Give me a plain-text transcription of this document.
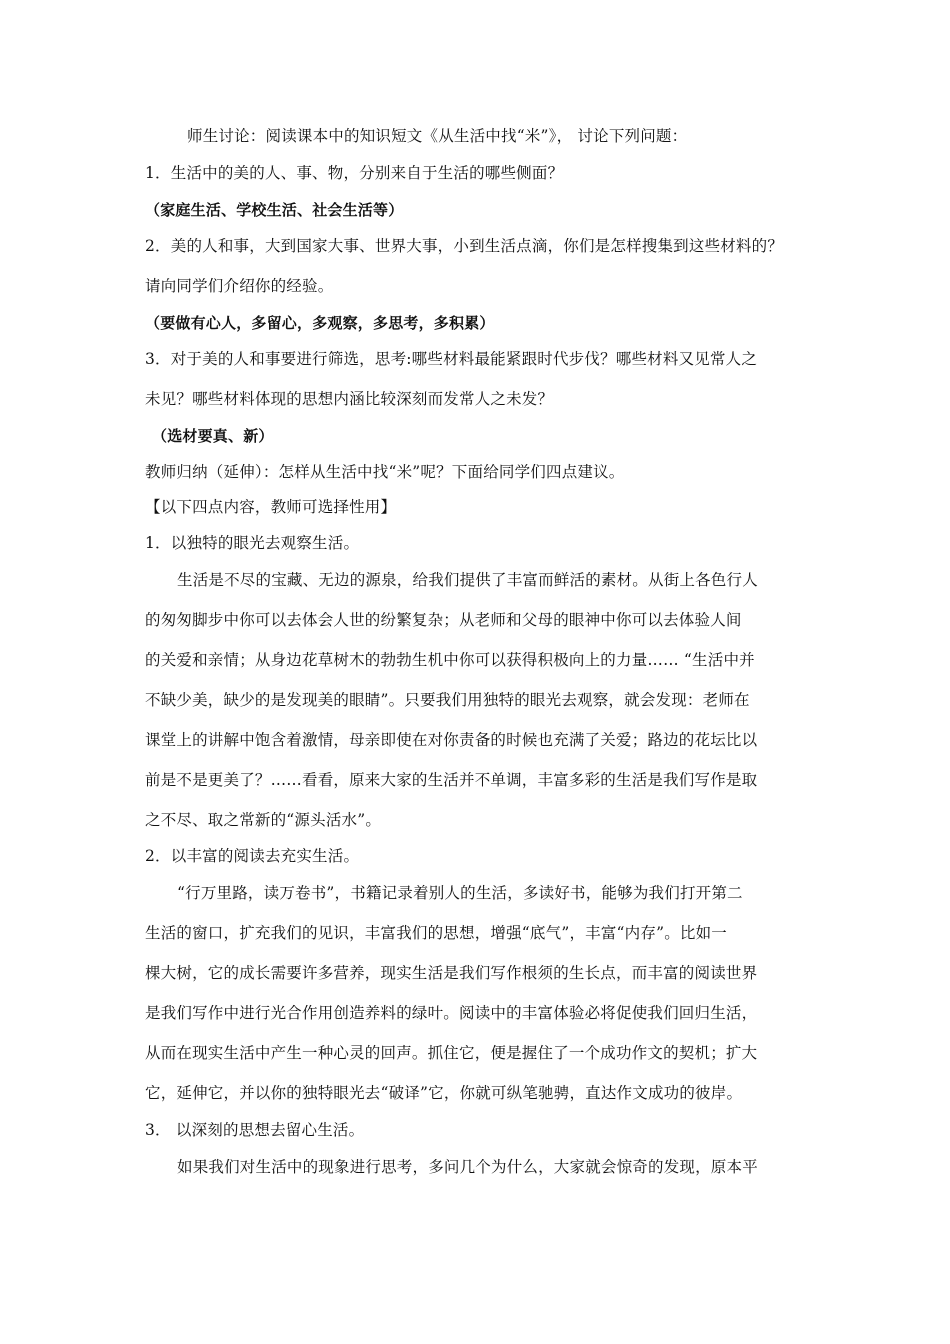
师生讨论：阅读课本中的知识短文《从生活中找“米”》， 讨论下列问题：
1．生活中的美的人、事、物，分别来自于生活的哪些侧面？
（家庭生活、学校生活、社会生活等）
2．美的人和事，大到国家大事、世界大事，小到生活点滴，你们是怎样搜集到这些材料的？
请向同学们介绍你的经验。
（要做有心人，多留心，多观察，多思考，多积累）
3．对于美的人和事要进行筛选，思考:哪些材料最能紧跟时代步伐？哪些材料又见常人之
未见？哪些材料体现的思想内涵比较深刻而发常人之未发？
（选材要真、新）
教师归纳（延伸）：怎样从生活中找“米”呢？下面给同学们四点建议。
【以下四点内容，教师可选择性用】
1．以独特的眼光去观察生活。
生活是不尽的宝藏、无边的源泉，给我们提供了丰富而鲜活的素材。从街上各色行人
的匆匆脚步中你可以去体会人世的纷繁复杂；从老师和父母的眼神中你可以去体验人间
的关爱和亲情；从身边花草树木的勃勃生机中你可以获得积极向上的力量…… “生活中并
不缺少美，缺少的是发现美的眼睛”。只要我们用独特的眼光去观察，就会发现：老师在
课堂上的讲解中饱含着激情，母亲即使在对你责备的时候也充满了关爱；路边的花坛比以
前是不是更美了？……看看，原来大家的生活并不单调，丰富多彩的生活是我们写作是取
之不尽、取之常新的“源头活水”。
2．以丰富的阅读去充实生活。
“行万里路，读万卷书”，书籍记录着别人的生活，多读好书，能够为我们打开第二
生活的窗口，扩充我们的见识，丰富我们的思想，增强“底气”，丰富“内存”。比如一
棵大树，它的成长需要许多营养，现实生活是我们写作根须的生长点，而丰富的阅读世界
是我们写作中进行光合作用创造养料的绿叶。阅读中的丰富体验必将促使我们回归生活，
从而在现实生活中产生一种心灵的回声。抓住它，便是握住了一个成功作文的契机；扩大
它，延伸它，并以你的独特眼光去“破译”它，你就可纵笔驰骋，直达作文成功的彼岸。
3． 以深刻的思想去留心生活。
如果我们对生活中的现象进行思考，多问几个为什么，大家就会惊奇的发现，原本平
